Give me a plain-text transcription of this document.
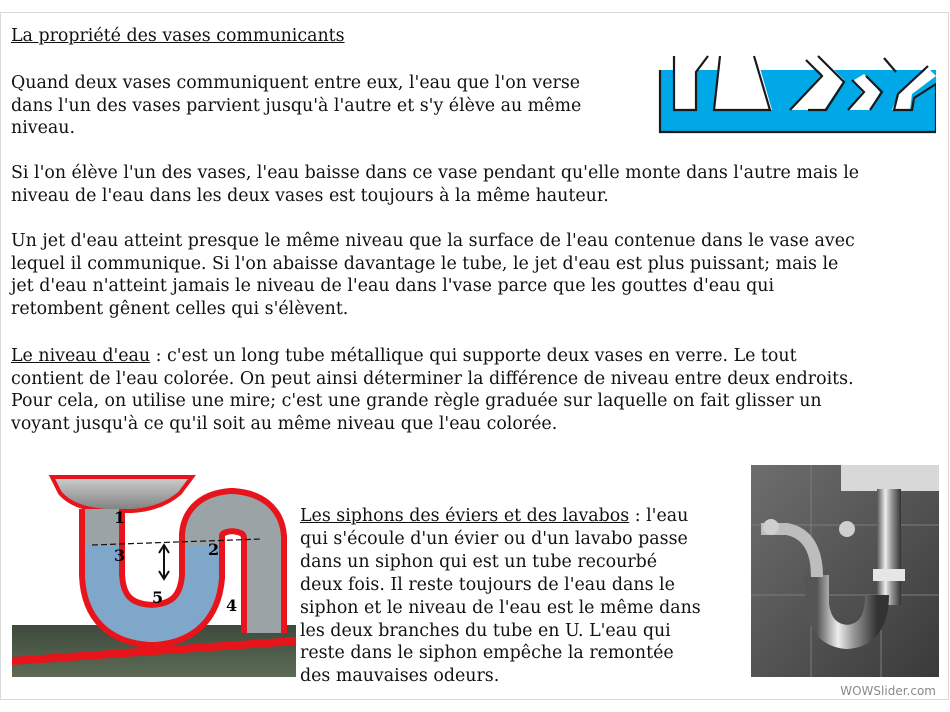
La propriété des vases communicants

Quand deux vases communiquent entre eux, l'eau que l'on verse
dans l'un des vases parvient jusqu'à l'autre et s'y élève au même
niveau.

Si l'on élève l'un des vases, l'eau baisse dans ce vase pendant qu'elle monte dans l'autre mais le
niveau de l'eau dans les deux vases est toujours à la même hauteur.

Un jet d'eau atteint presque le même niveau que la surface de l'eau contenue dans le vase avec
lequel il communique. Si l'on abaisse davantage le tube, le jet d'eau est plus puissant; mais le
jet d'eau n'atteint jamais le niveau de l'eau dans l'vase parce que les gouttes d'eau qui
retombent gênent celles qui s'élèvent.

Le niveau d'eau : c'est un long tube métallique qui supporte deux vases en verre. Le tout
contient de l'eau colorée. On peut ainsi déterminer la différence de niveau entre deux endroits.
Pour cela, on utilise une mire; c'est une grande règle graduée sur laquelle on fait glisser un
voyant jusqu'à ce qu'il soit au même niveau que l'eau colorée.

1
2
3
4
5

Les siphons des éviers et des lavabos : l'eau
qui s'écoule d'un évier ou d'un lavabo passe
dans un siphon qui est un tube recourbé
deux fois. Il reste toujours de l'eau dans le
siphon et le niveau de l'eau est le même dans
les deux branches du tube en U. L'eau qui
reste dans le siphon empêche la remontée
des mauvaises odeurs.

WOWSlider.com
